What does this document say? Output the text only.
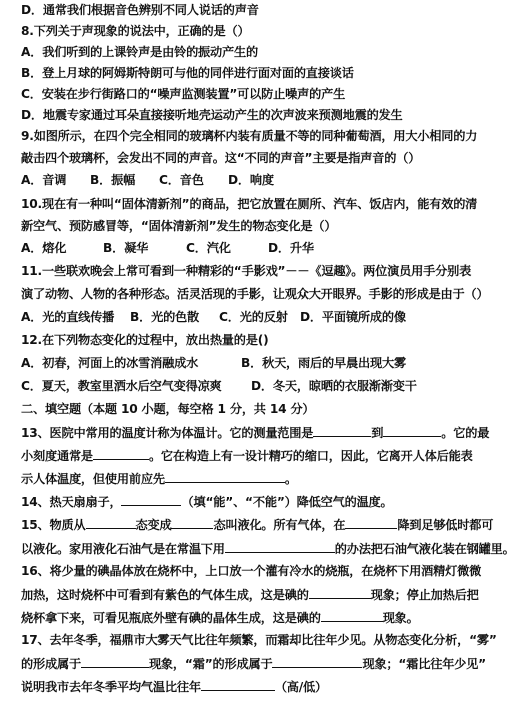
D．通常我们根据音色辨别不同人说话的声音
8.下列关于声现象的说法中，正确的是（）
A．我们听到的上课铃声是由铃的振动产生的
B．登上月球的阿姆斯特朗可与他的同伴进行面对面的直接谈话
C．安装在步行街路口的“噪声监测装置”可以防止噪声的产生
D．地震专家通过耳朵直接接听地壳运动产生的次声波来预测地震的发生
9.如图所示，在四个完全相同的玻璃杯内装有质量不等的同种葡萄酒，用大小相同的力
敲击四个玻璃杯，会发出不同的声音。这“不同的声音”主要是指声音的（）
A．音调 B．振幅 C．音色 D．响度
10.现在有一种叫“固体清新剂”的商品，把它放置在厕所、汽车、饭店内，能有效的清
新空气、预防感冒等，“固体清新剂”发生的物态变化是（）
A．熔化	B．凝华	C．汽化	D．升华
11.一些联欢晚会上常可看到一种精彩的“手影戏”－－《逗趣》。两位演员用手分别表
演了动物、人物的各种形态。活灵活现的手影，让观众大开眼界。手影的形成是由于（）
A．光的直线传播 B．光的色散 C．光的反射 D．平面镜所成的像
12.在下列物态变化的过程中，放出热量的是()
A．初春，河面上的冰雪消融成水	B．秋天，雨后的早晨出现大雾
C．夏天，教室里洒水后空气变得凉爽 D．冬天，晾晒的衣服渐渐变干
二、填空题（本题 10 小题，每空格 1 分，共 14 分）
13、医院中常用的温度计称为体温计。它的测量范围是	到	。它的最
小刻度通常是	。它在构造上有一设计精巧的缩口，因此，它离开人体后能表
示人体温度，但使用前应先	。
14、热天扇扇子，	（填“能”、“不能”）降低空气的温度。
15、物质从	态变成	态叫液化。所有气体，在	降到足够低时都可
以液化。家用液化石油气是在常温下用	的办法把石油气液化装在钢罐里。
16、将少量的碘晶体放在烧杯中，上口放一个灌有冷水的烧瓶，在烧杯下用酒精灯微微
加热，这时烧杯中可看到有紫色的气体生成，这是碘的	现象；停止加热后把
烧杯拿下来，可看见瓶底外壁有碘的晶体生成，这是碘的	现象。
17、去年冬季，福鼎市大雾天气比往年频繁，而霜却比往年少见。从物态变化分析，“雾”
的形成属于	现象，“霜”的形成属于	现象；“霜比往年少见”
说明我市去年冬季平均气温比往年	（高/低）
